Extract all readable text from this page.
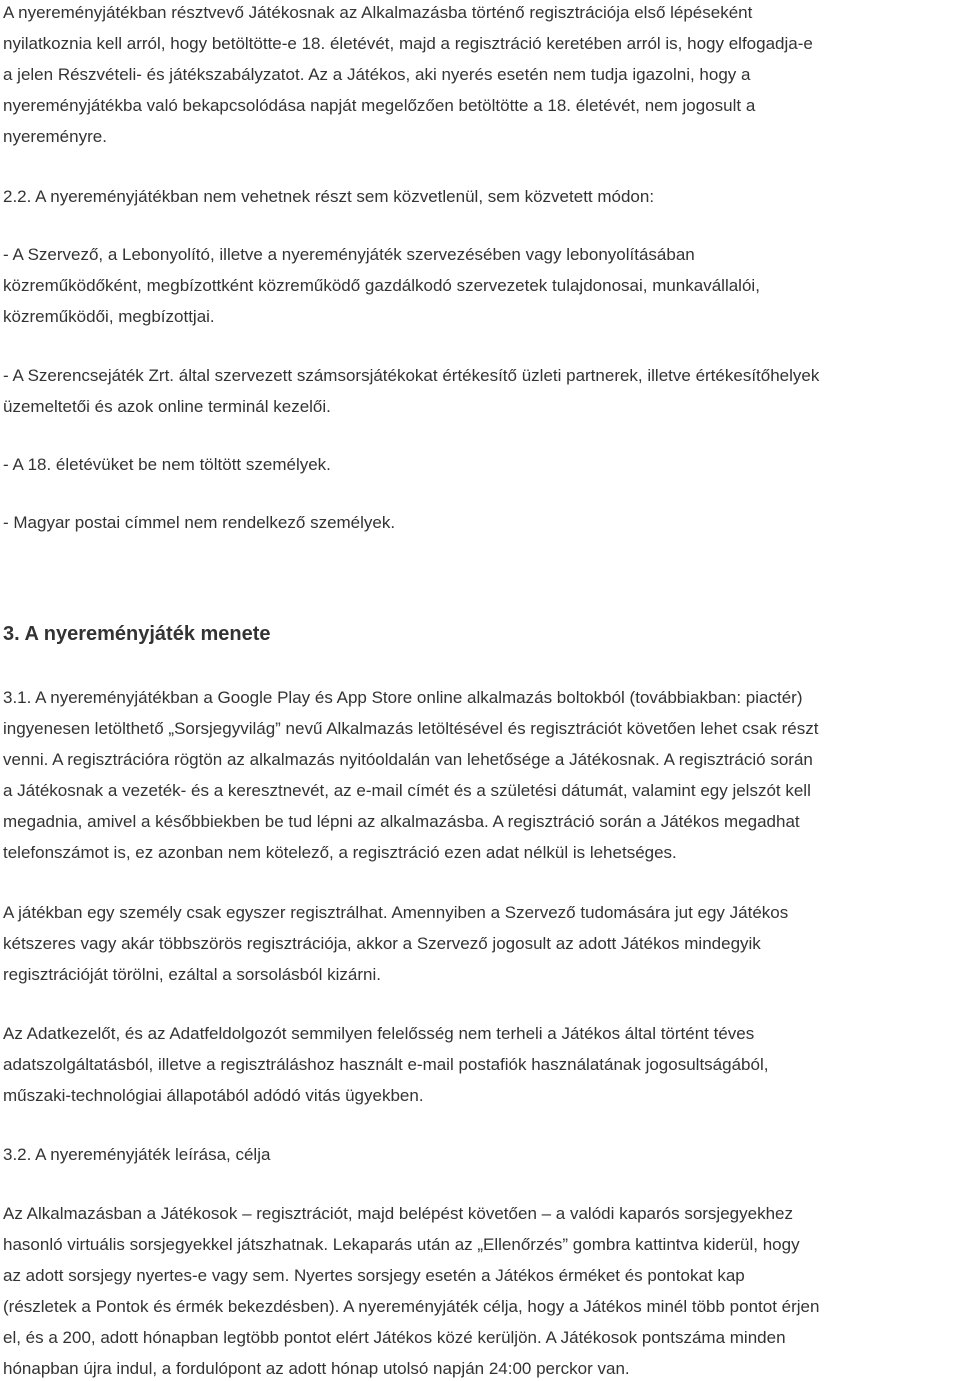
A nyereményjátékban résztvevő Játékosnak az Alkalmazásba történő regisztrációja első lépéseként
nyilatkoznia kell arról, hogy betöltötte-e 18. életévét, majd a regisztráció keretében arról is, hogy elfogadja-e
a jelen Részvételi- és játékszabályzatot. Az a Játékos, aki nyerés esetén nem tudja igazolni, hogy a
nyereményjátékba való bekapcsolódása napját megelőzően betöltötte a 18. életévét, nem jogosult a
nyereményre.
2.2. A nyereményjátékban nem vehetnek részt sem közvetlenül, sem közvetett módon:
- A Szervező, a Lebonyolító, illetve a nyereményjáték szervezésében vagy lebonyolításában
közreműködőként, megbízottként közreműködő gazdálkodó szervezetek tulajdonosai, munkavállalói,
közreműködői, megbízottjai.
- A Szerencsejáték Zrt. által szervezett számsorsjátékokat értékesítő üzleti partnerek, illetve értékesítőhelyek
üzemeltetői és azok online terminál kezelői.
- A 18. életévüket be nem töltött személyek.
- Magyar postai címmel nem rendelkező személyek.
3. A nyereményjáték menete
3.1. A nyereményjátékban a Google Play és App Store online alkalmazás boltokból (továbbiakban: piactér)
ingyenesen letölthető „Sorsjegyvilág” nevű Alkalmazás letöltésével és regisztrációt követően lehet csak részt
venni. A regisztrációra rögtön az alkalmazás nyitóoldalán van lehetősége a Játékosnak. A regisztráció során
a Játékosnak a vezeték- és a keresztnevét, az e-mail címét és a születési dátumát, valamint egy jelszót kell
megadnia, amivel a későbbiekben be tud lépni az alkalmazásba. A regisztráció során a Játékos megadhat
telefonszámot is, ez azonban nem kötelező, a regisztráció ezen adat nélkül is lehetséges.
A játékban egy személy csak egyszer regisztrálhat. Amennyiben a Szervező tudomására jut egy Játékos
kétszeres vagy akár többszörös regisztrációja, akkor a Szervező jogosult az adott Játékos mindegyik
regisztrációját törölni, ezáltal a sorsolásból kizárni.
Az Adatkezelőt, és az Adatfeldolgozót semmilyen felelősség nem terheli a Játékos által történt téves
adatszolgáltatásból, illetve a regisztráláshoz használt e-mail postafiók használatának jogosultságából,
műszaki-technológiai állapotából adódó vitás ügyekben.
3.2. A nyereményjáték leírása, célja
Az Alkalmazásban a Játékosok – regisztrációt, majd belépést követően – a valódi kaparós sorsjegyekhez
hasonló virtuális sorsjegyekkel játszhatnak. Lekaparás után az „Ellenőrzés” gombra kattintva kiderül, hogy
az adott sorsjegy nyertes-e vagy sem. Nyertes sorsjegy esetén a Játékos érméket és pontokat kap
(részletek a Pontok és érmék bekezdésben). A nyereményjáték célja, hogy a Játékos minél több pontot érjen
el, és a 200, adott hónapban legtöbb pontot elért Játékos közé kerüljön. A Játékosok pontszáma minden
hónapban újra indul, a fordulópont az adott hónap utolsó napján 24:00 perckor van.
